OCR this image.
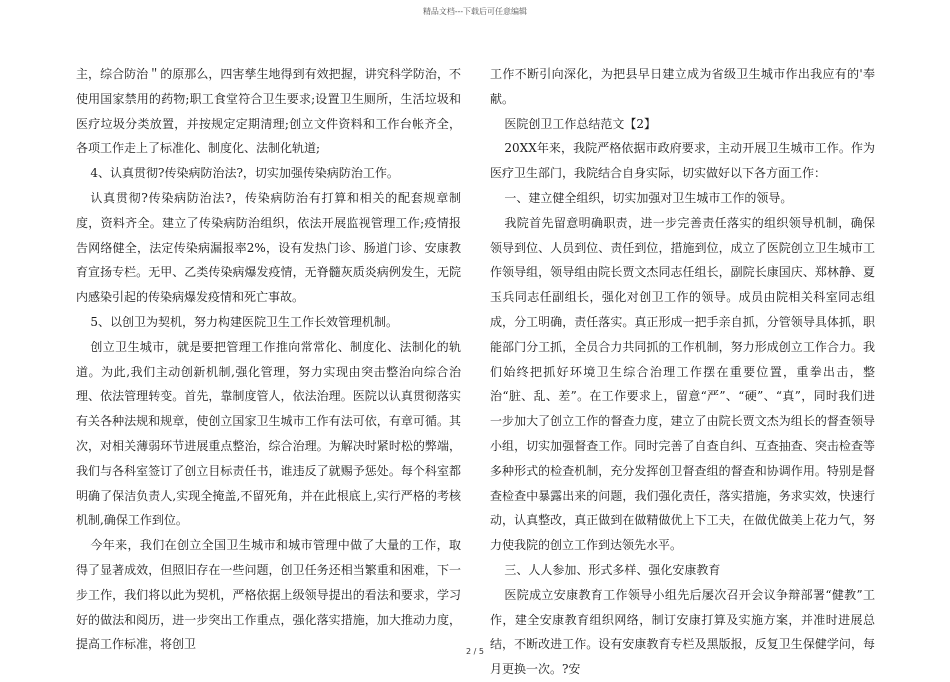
精品文档---下载后可任意编辑

主，综合防治＂的原那么，四害孳生地得到有效把握，讲究科学防治，不使用国家禁用的药物;职工食堂符合卫生要求;设置卫生厕所，生活垃圾和医疗垃圾分类放置，并按规定定期清理;创立文件资料和工作台帐齐全，各项工作走上了标准化、制度化、法制化轨道;

4、认真贯彻?传染病防治法?，切实加强传染病防治工作。

认真贯彻?传染病防治法?，传染病防治有打算和相关的配套规章制度，资料齐全。建立了传染病防治组织，依法开展监视管理工作;疫情报告网络健全，法定传染病漏报率2%，设有发热门诊、肠道门诊、安康教育宣扬专栏。无甲、乙类传染病爆发疫情，无脊髓灰质炎病例发生，无院内感染引起的传染病爆发疫情和死亡事故。

5、以创卫为契机，努力构建医院卫生工作长效管理机制。

创立卫生城市，就是要把管理工作推向常常化、制度化、法制化的轨道。为此,我们主动创新机制,强化管理，努力实现由突击整治向综合治理、依法管理转变。首先，靠制度管人，依法治理。医院以认真贯彻落实有关各种法规和规章，使创立国家卫生城市工作有法可依，有章可循。其次，对相关薄弱环节进展重点整治，综合治理。为解决时紧时松的弊端，我们与各科室签订了创立目标责任书，谁违反了就赐予惩处。每个科室都明确了保洁负责人,实现全掩盖,不留死角，并在此根底上,实行严格的考核机制,确保工作到位。

今年来，我们在创立全国卫生城市和城市管理中做了大量的工作，取得了显著成效，但照旧存在一些问题，创卫任务还相当繁重和困难，下一步工作，我们将以此为契机，严格依据上级领导提出的看法和要求，学习好的做法和阅历，进一步突出工作重点，强化落实措施，加大推动力度，提高工作标准，将创卫

工作不断引向深化，为把县早日建立成为省级卫生城市作出我应有的'奉献。

医院创卫工作总结范文【2】

20XX年来，我院严格依据市政府要求，主动开展卫生城市工作。作为医疗卫生部门，我院结合自身实际，切实做好以下各方面工作：

一、建立健全组织，切实加强对卫生城市工作的领导。

我院首先留意明确职责，进一步完善责任落实的组织领导机制，确保领导到位、人员到位、责任到位，措施到位，成立了医院创立卫生城市工作领导组，领导组由院长贾文杰同志任组长，副院长康国庆、郑林静、夏玉兵同志任副组长，强化对创卫工作的领导。成员由院相关科室同志组成，分工明确，责任落实。真正形成一把手亲自抓，分管领导具体抓，职能部门分工抓，全员合力共同抓的工作机制，努力形成创立工作合力。我们始终把抓好环境卫生综合治理工作摆在重要位置，重拳出击，整治“脏、乱、差”。在工作要求上，留意“严”、“硬”、“真”，同时我们进一步加大了创立工作的督查力度，建立了由院长贾文杰为组长的督查领导小组，切实加强督查工作。同时完善了自查自纠、互查抽查、突击检查等多种形式的检查机制，充分发挥创卫督查组的督查和协调作用。特别是督查检查中暴露出来的问题，我们强化责任，落实措施，务求实效，快速行动，认真整改，真正做到在做精做优上下工夫，在做优做美上花力气，努力使我院的创立工作到达领先水平。

三、人人参加、形式多样、强化安康教育

医院成立安康教育工作领导小组先后屡次召开会议争辩部署“健教”工作，建全安康教育组织网络，制订安康打算及实施方案，并准时进展总结，不断改进工作。设有安康教育专栏及黑版报，反复卫生保健学问，每月更换一次。?安

2 / 5
